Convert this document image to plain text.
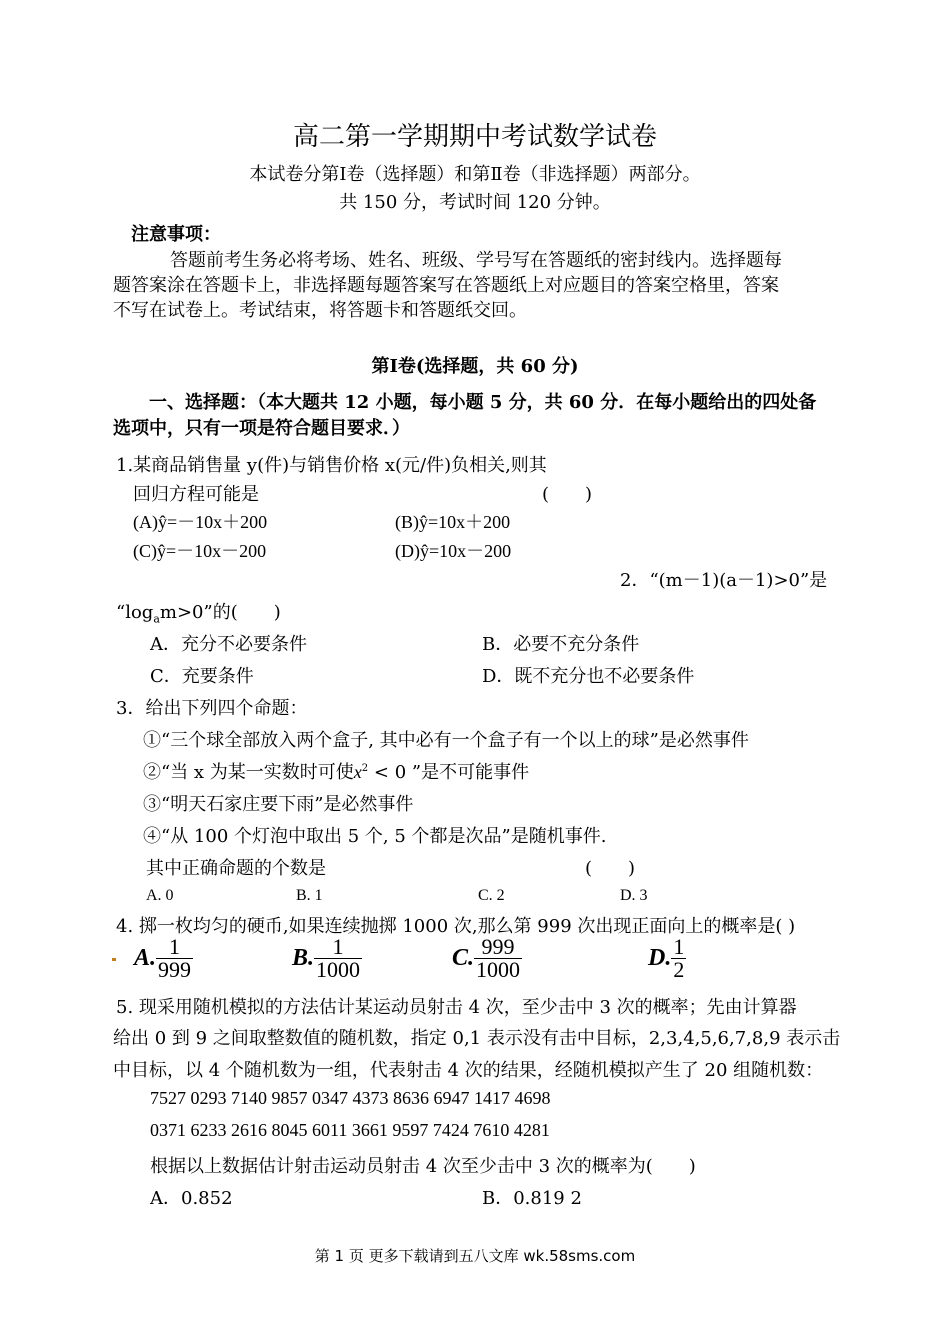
高二第一学期期中考试数学试卷
本试卷分第Ⅰ卷（选择题）和第Ⅱ卷（非选择题）两部分。
共 150 分，考试时间 120 分钟。
注意事项：
答题前考生务必将考场、姓名、班级、学号写在答题纸的密封线内。选择题每
题答案涂在答题卡上，非选择题每题答案写在答题纸上对应题目的答案空格里，答案
不写在试卷上。考试结束，将答题卡和答题纸交回。
第Ⅰ卷(选择题，共 60 分)
一、选择题：（本大题共 12 小题，每小题 5 分，共 60 分．在每小题给出的四处备
选项中，只有一项是符合题目要求．）
1.某商品销售量 y(件)与销售价格 x(元/件)负相关,则其
回归方程可能是	(　　)
(A)ŷ=－10x＋200	(B)ŷ=10x＋200
(C)ŷ=－10x－200	(D)ŷ=10x－200
2．“(m－1)(a－1)>0”是
“$\log_am>0$”的(　　)
A．充分不必要条件	B．必要不充分条件
C．充要条件	D．既不充分也不必要条件
3．给出下列四个命题：
①“三个球全部放入两个盒子, 其中必有一个盒子有一个以上的球”是必然事件
②“当 x 为某一实数时可使$x^2 < 0$ ”是不可能事件
③“明天石家庄要下雨”是必然事件
④“从 100 个灯泡中取出 5 个, 5 个都是次品”是随机事件.
其中正确命题的个数是	(　　)
A. 0	B. 1	C. 2	D. 3
4. 掷一枚均匀的硬币,如果连续抛掷 1000 次,那么第 999 次出现正面向上的概率是( )
A. $\frac{1}{999}$	B. $\frac{1}{1000}$	C. $\frac{999}{1000}$	D. $\frac{1}{2}$
5. 现采用随机模拟的方法估计某运动员射击 4 次，至少击中 3 次的概率；先由计算器
给出 0 到 9 之间取整数值的随机数，指定 0,1 表示没有击中目标，2,3,4,5,6,7,8,9 表示击
中目标，以 4 个随机数为一组，代表射击 4 次的结果，经随机模拟产生了 20 组随机数：
7527 0293 7140 9857 0347 4373 8636 6947 1417 4698
0371 6233 2616 8045 6011 3661 9597 7424 7610 4281
根据以上数据估计射击运动员射击 4 次至少击中 3 次的概率为(　　)
A．0.852	B．0.819 2
第 1 页 更多下载请到五八文库 wk.58sms.com
